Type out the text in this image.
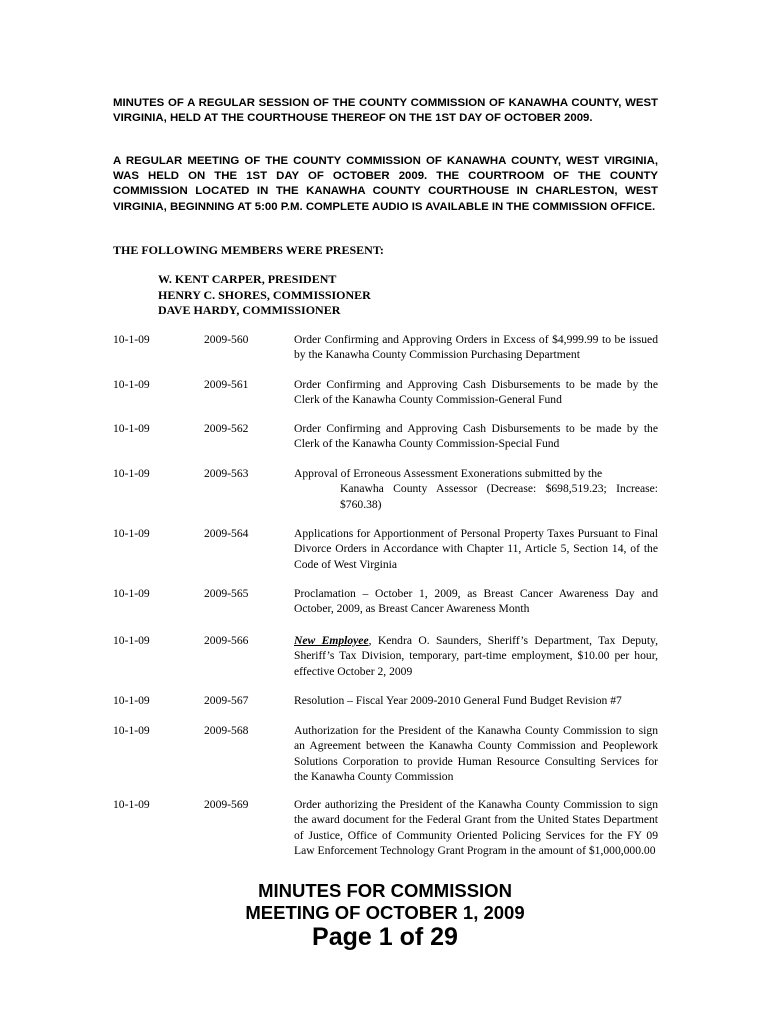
MINUTES OF A REGULAR SESSION OF THE COUNTY COMMISSION OF KANAWHA COUNTY, WEST VIRGINIA, HELD AT THE COURTHOUSE THEREOF ON THE 1ST DAY OF OCTOBER 2009.

A REGULAR MEETING OF THE COUNTY COMMISSION OF KANAWHA COUNTY, WEST VIRGINIA, WAS HELD ON THE 1ST DAY OF OCTOBER 2009. THE COURTROOM OF THE COUNTY COMMISSION LOCATED IN THE KANAWHA COUNTY COURTHOUSE IN CHARLESTON, WEST VIRGINIA, BEGINNING AT 5:00 P.M. COMPLETE AUDIO IS AVAILABLE IN THE COMMISSION OFFICE.

THE FOLLOWING MEMBERS WERE PRESENT:

W. KENT CARPER, PRESIDENT
HENRY C. SHORES, COMMISSIONER
DAVE HARDY, COMMISSIONER
10-1-09	2009-560	Order Confirming and Approving Orders in Excess of $4,999.99 to be issued by the Kanawha County Commission Purchasing Department

10-1-09	2009-561	Order Confirming and Approving Cash Disbursements to be made by the Clerk of the Kanawha County Commission-General Fund

10-1-09	2009-562	Order Confirming and Approving Cash Disbursements to be made by the Clerk of the Kanawha County Commission-Special Fund

10-1-09	2009-563	Approval of Erroneous Assessment Exonerations submitted by the
Kanawha County Assessor (Decrease: $698,519.23; Increase: $760.38)

10-1-09	2009-564	Applications for Apportionment of Personal Property Taxes Pursuant to Final Divorce Orders in Accordance with Chapter 11, Article 5, Section 14, of the Code of West Virginia

10-1-09	2009-565	Proclamation – October 1, 2009, as Breast Cancer Awareness Day and October, 2009, as Breast Cancer Awareness Month

10-1-09	2009-566	New Employee, Kendra O. Saunders, Sheriff’s Department, Tax Deputy, Sheriff’s Tax Division, temporary, part-time employment, $10.00 per hour, effective October 2, 2009

10-1-09	2009-567	Resolution – Fiscal Year 2009-2010 General Fund Budget Revision #7

10-1-09	2009-568	Authorization for the President of the Kanawha County Commission to sign an Agreement between the Kanawha County Commission and Peoplework Solutions Corporation to provide Human Resource Consulting Services for the Kanawha County Commission

10-1-09	2009-569	Order authorizing the President of the Kanawha County Commission to sign the award document for the Federal Grant from the United States Department of Justice, Office of Community Oriented Policing Services for the FY 09 Law Enforcement Technology Grant Program in the amount of $1,000,000.00

MINUTES FOR COMMISSION

MEETING OF OCTOBER 1, 2009

Page 1 of 29
